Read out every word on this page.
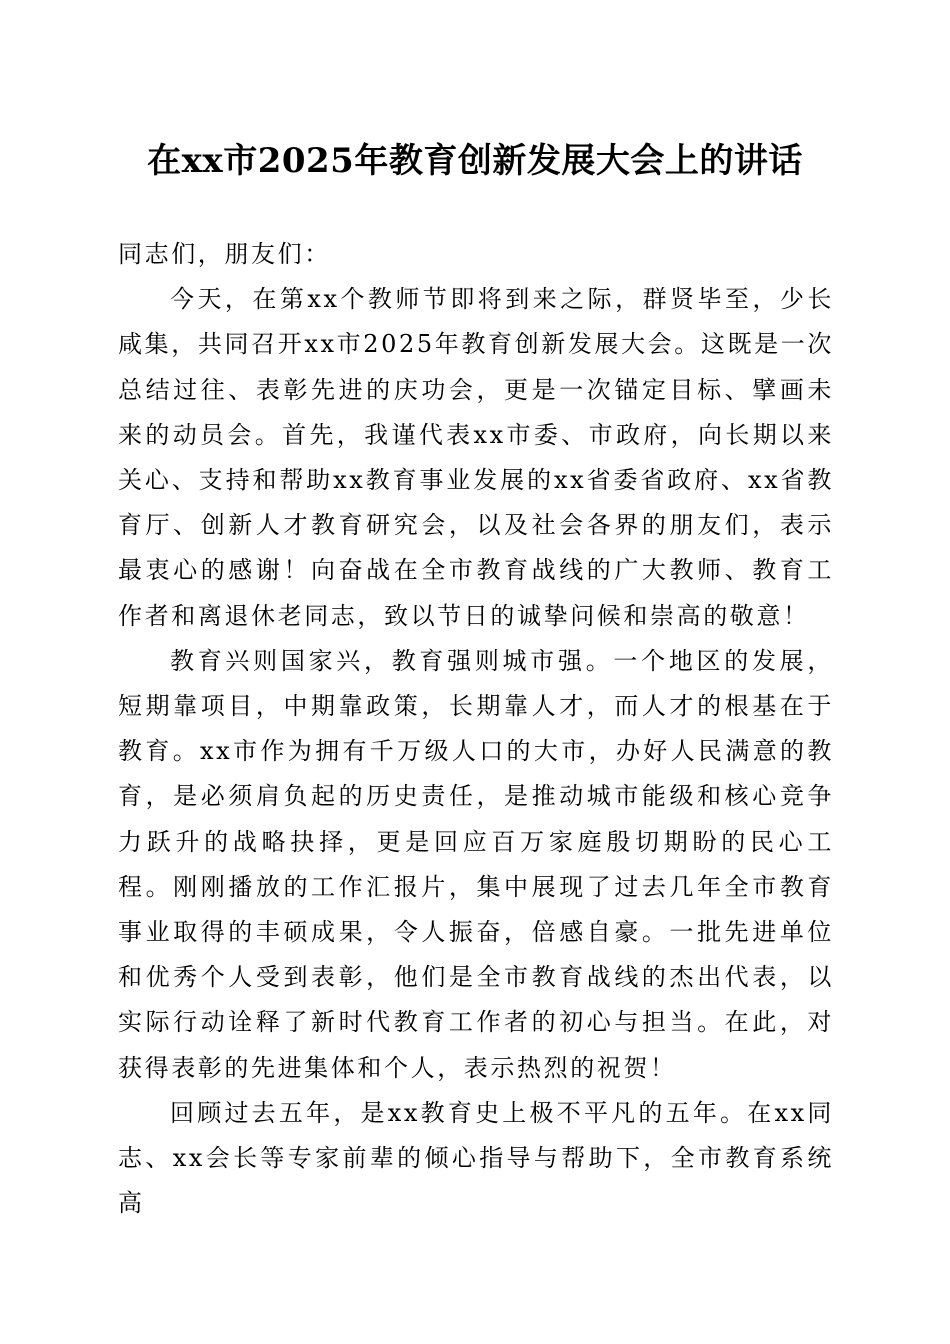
在xx市2025年教育创新发展大会上的讲话

同志们，朋友们：

今天，在第xx个教师节即将到来之际，群贤毕至，少长咸集，共同召开xx市2025年教育创新发展大会。这既是一次总结过往、表彰先进的庆功会，更是一次锚定目标、擘画未来的动员会。首先，我谨代表xx市委、市政府，向长期以来关心、支持和帮助xx教育事业发展的xx省委省政府、xx省教育厅、创新人才教育研究会，以及社会各界的朋友们，表示最衷心的感谢！向奋战在全市教育战线的广大教师、教育工作者和离退休老同志，致以节日的诚挚问候和崇高的敬意！

教育兴则国家兴，教育强则城市强。一个地区的发展，短期靠项目，中期靠政策，长期靠人才，而人才的根基在于教育。xx市作为拥有千万级人口的大市，办好人民满意的教育，是必须肩负起的历史责任，是推动城市能级和核心竞争力跃升的战略抉择，更是回应百万家庭殷切期盼的民心工程。刚刚播放的工作汇报片，集中展现了过去几年全市教育事业取得的丰硕成果，令人振奋，倍感自豪。一批先进单位和优秀个人受到表彰，他们是全市教育战线的杰出代表，以实际行动诠释了新时代教育工作者的初心与担当。在此，对获得表彰的先进集体和个人，表示热烈的祝贺！

回顾过去五年，是xx教育史上极不平凡的五年。在xx同志、xx会长等专家前辈的倾心指导与帮助下，全市教育系统高
